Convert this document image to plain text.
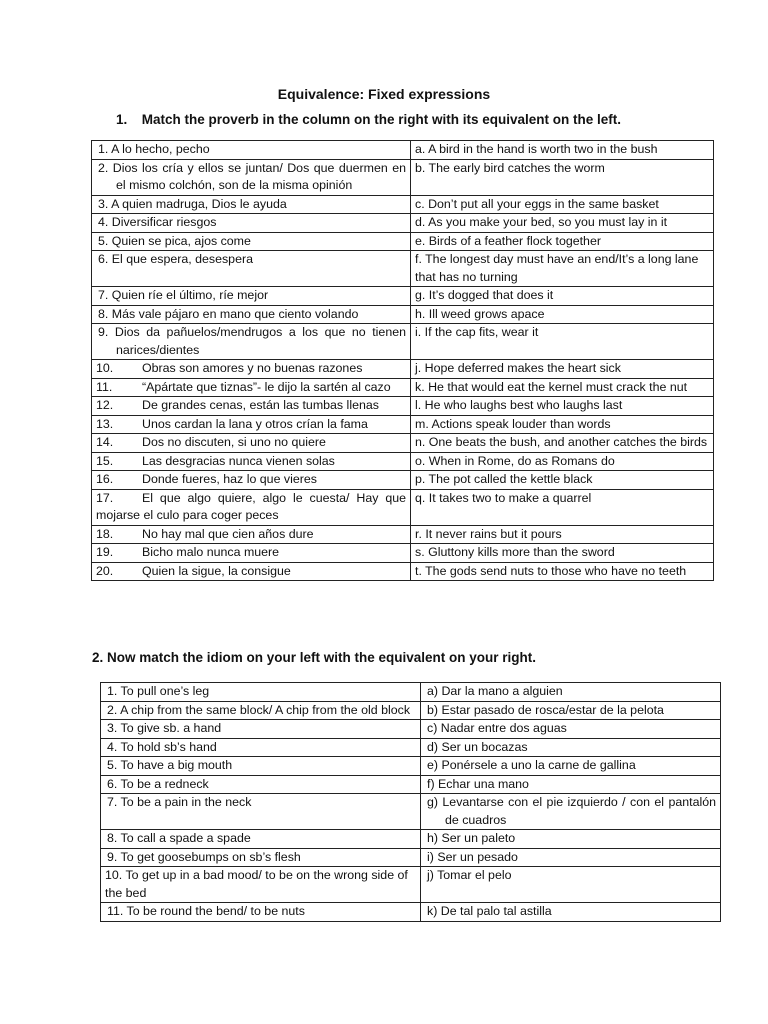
Equivalence: Fixed expressions
1. Match the proverb in the column on the right with its equivalent on the left.
1. A lo hecho, pecho	a. A bird in the hand is worth two in the bush
2. Dios los cría y ellos se juntan/ Dos que duermen en el mismo colchón, son de la misma opinión	b. The early bird catches the worm
3. A quien madruga, Dios le ayuda	c. Don’t put all your eggs in the same basket
4. Diversificar riesgos	d. As you make your bed, so you must lay in it
5. Quien se pica, ajos come	e. Birds of a feather flock together
6. El que espera, desespera	f. The longest day must have an end/It’s a long lane that has no turning
7. Quien ríe el último, ríe mejor	g. It’s dogged that does it
8. Más vale pájaro en mano que ciento volando	h. Ill weed grows apace
9. Dios da pañuelos/mendrugos a los que no tienen narices/dientes	i. If the cap fits, wear it
10. Obras son amores y no buenas razones	j. Hope deferred makes the heart sick
11. “Apártate que tiznas”- le dijo la sartén al cazo	k. He that would eat the kernel must crack the nut
12. De grandes cenas, están las tumbas llenas	l. He who laughs best who laughs last
13. Unos cardan la lana y otros crían la fama	m. Actions speak louder than words
14. Dos no discuten, si uno no quiere	n. One beats the bush, and another catches the birds
15. Las desgracias nunca vienen solas	o. When in Rome, do as Romans do
16. Donde fueres, haz lo que vieres	p. The pot called the kettle black
17. El que algo quiere, algo le cuesta/ Hay que mojarse el culo para coger peces	q. It takes two to make a quarrel
18. No hay mal que cien años dure	r. It never rains but it pours
19. Bicho malo nunca muere	s. Gluttony kills more than the sword
20. Quien la sigue, la consigue	t. The gods send nuts to those who have no teeth
2. Now match the idiom on your left with the equivalent on your right.
1. To pull one’s leg	a) Dar la mano a alguien
2. A chip from the same block/ A chip from the old block	b) Estar pasado de rosca/estar de la pelota
3. To give sb. a hand	c) Nadar entre dos aguas
4. To hold sb’s hand	d) Ser un bocazas
5. To have a big mouth	e) Ponérsele a uno la carne de gallina
6. To be a redneck	f) Echar una mano
7. To be a pain in the neck	g) Levantarse con el pie izquierdo / con el pantalón de cuadros
8. To call a spade a spade	h) Ser un paleto
9. To get goosebumps on sb’s flesh	i) Ser un pesado
10. To get up in a bad mood/ to be on the wrong side of the bed	j) Tomar el pelo
11. To be round the bend/ to be nuts	k) De tal palo tal astilla
